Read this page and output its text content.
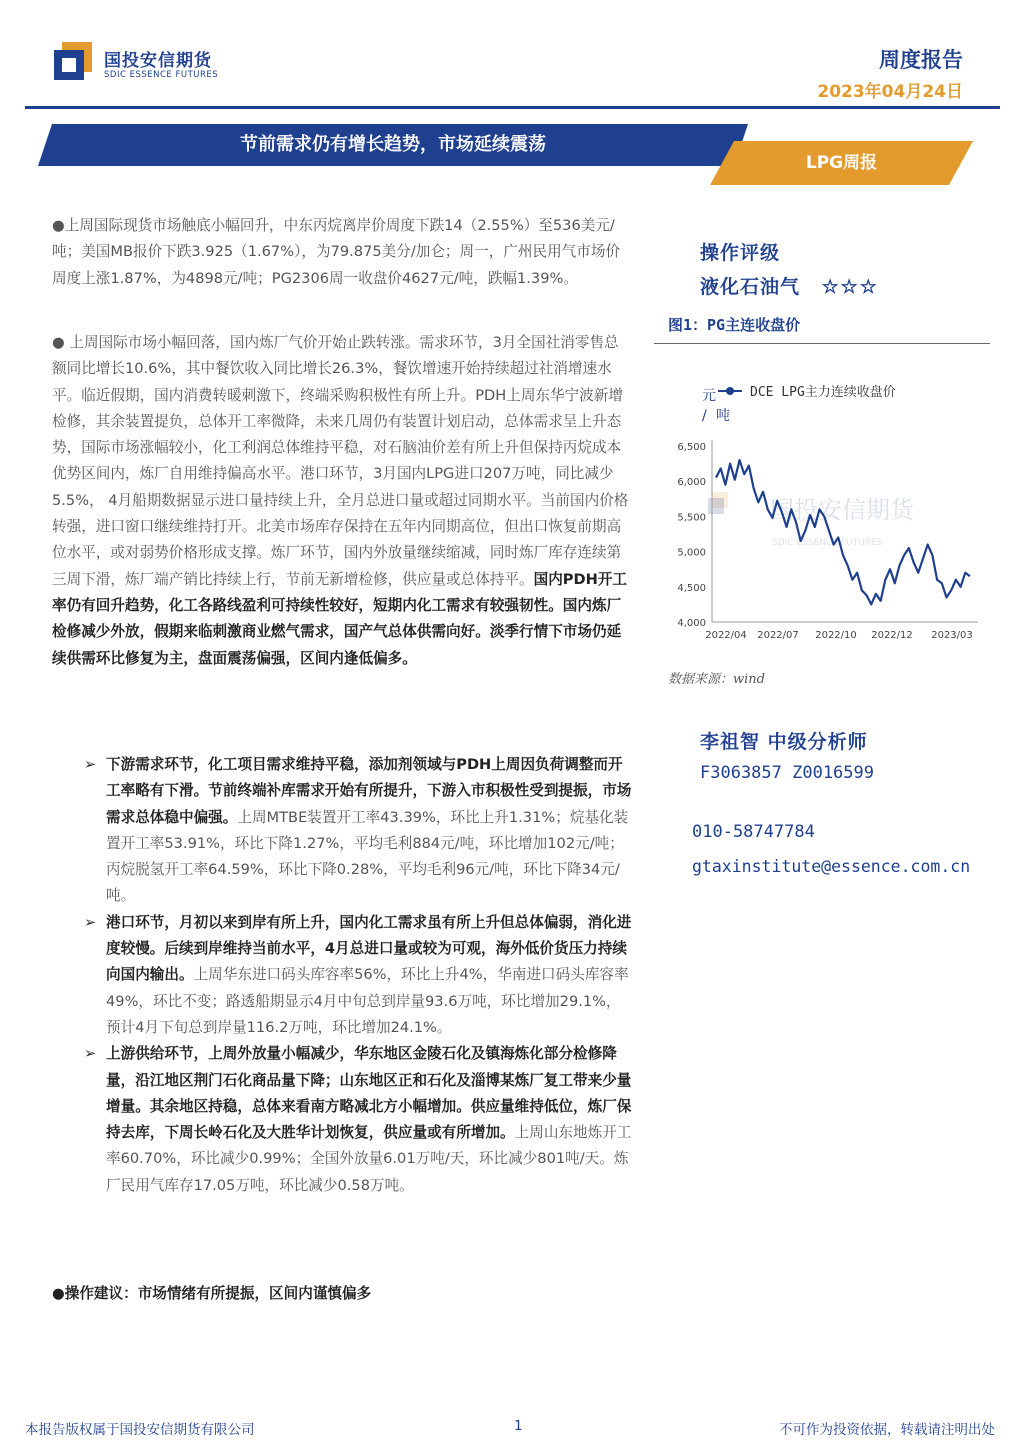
国投安信期货
SDIC ESSENCE FUTURES
周度报告
2023年04月24日
节前需求仍有增长趋势，市场延续震荡
LPG周报

●上周国际现货市场触底小幅回升，中东丙烷离岸价周度下跌14（2.55%）至536美元/吨；美国MB报价下跌3.925（1.67%），为79.875美分/加仑；周一，广州民用气市场价周度上涨1.87%，为4898元/吨；PG2306周一收盘价4627元/吨，跌幅1.39%。

● 上周国际市场小幅回落，国内炼厂气价开始止跌转涨。需求环节，3月全国社消零售总额同比增长10.6%，其中餐饮收入同比增长26.3%，餐饮增速开始持续超过社消增速水平。临近假期，国内消费转暖刺激下，终端采购积极性有所上升。PDH上周东华宁波新增检修，其余装置提负，总体开工率微降，未来几周仍有装置计划启动，总体需求呈上升态势，国际市场涨幅较小，化工利润总体维持平稳，对石脑油价差有所上升但保持丙烷成本优势区间内，炼厂自用维持偏高水平。港口环节，3月国内LPG进口207万吨，同比减少5.5%， 4月船期数据显示进口量持续上升，全月总进口量或超过同期水平。当前国内价格转强，进口窗口继续维持打开。北美市场库存保持在五年内同期高位，但出口恢复前期高位水平，或对弱势价格形成支撑。炼厂环节，国内外放量继续缩减，同时炼厂库存连续第三周下滑，炼厂端产销比持续上行，节前无新增检修，供应量或总体持平。国内PDH开工率仍有回升趋势，化工各路线盈利可持续性较好，短期内化工需求有较强韧性。国内炼厂检修减少外放，假期来临刺激商业燃气需求，国产气总体供需向好。淡季行情下市场仍延续供需环比修复为主，盘面震荡偏强，区间内逢低偏多。

➢ 下游需求环节，化工项目需求维持平稳，添加剂领域与PDH上周因负荷调整而开工率略有下滑。节前终端补库需求开始有所提升，下游入市积极性受到提振，市场需求总体稳中偏强。上周MTBE装置开工率43.39%，环比上升1.31%；烷基化装置开工率53.91%，环比下降1.27%，平均毛利884元/吨，环比增加102元/吨；丙烷脱氢开工率64.59%，环比下降0.28%，平均毛利96元/吨，环比下降34元/吨。
➢ 港口环节，月初以来到岸有所上升，国内化工需求虽有所上升但总体偏弱，消化进度较慢。后续到岸维持当前水平，4月总进口量或较为可观，海外低价货压力持续向国内输出。上周华东进口码头库容率56%，环比上升4%，华南进口码头库容率49%，环比不变；路透船期显示4月中旬总到岸量93.6万吨，环比增加29.1%，预计4月下旬总到岸量116.2万吨，环比增加24.1%。
➢ 上游供给环节，上周外放量小幅减少，华东地区金陵石化及镇海炼化部分检修降量，沿江地区荆门石化商品量下降；山东地区正和石化及淄博某炼厂复工带来少量增量。其余地区持稳，总体来看南方略减北方小幅增加。供应量维持低位，炼厂保持去库，下周长岭石化及大胜华计划恢复，供应量或有所增加。上周山东地炼开工率60.70%，环比减少0.99%；全国外放量6.01万吨/天，环比减少801吨/天。炼厂民用气库存17.05万吨，环比减少0.58万吨。
●操作建议：市场情绪有所提振，区间内谨慎偏多
操作评级
液化石油气 ☆☆☆
图1：PG主连收盘价
国投安信期货
SDIC ESSENCE FUTURES
元/ 吨
6,500
6,000
5,500
5,000
4,500
4,000
2022/04 2022/07 2022/10 2022/12 2023/03
DCE LPG主力连续收盘价
数据来源：wind
李祖智 中级分析师
F3063857 Z0016599
010-58747784
gtaxinstitute@essence.com.cn
本报告版权属于国投安信期货有限公司	1	不可作为投资依据，转载请注明出处
